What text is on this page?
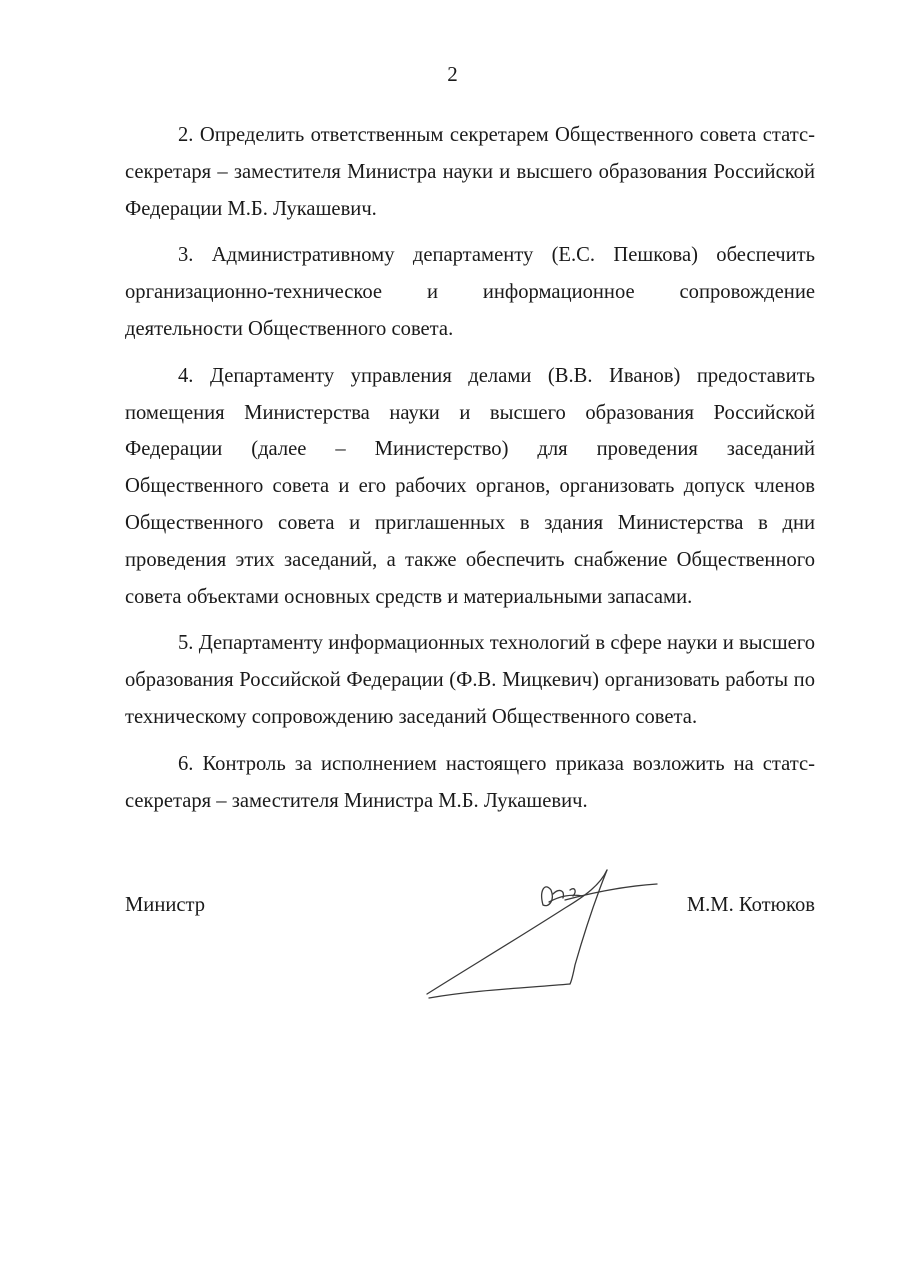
2

2. Определить ответственным секретарем Общественного совета статс-секретаря – заместителя Министра науки и высшего образования Российской Федерации М.Б. Лукашевич.

3. Административному департаменту (Е.С. Пешкова) обеспечить организационно-техническое и информационное сопровождение деятельности Общественного совета.

4. Департаменту управления делами (В.В. Иванов) предоставить помещения Министерства науки и высшего образования Российской Федерации (далее – Министерство) для проведения заседаний Общественного совета и его рабочих органов, организовать допуск членов Общественного совета и приглашенных в здания Министерства в дни проведения этих заседаний, а также обеспечить снабжение Общественного совета объектами основных средств и материальными запасами.

5. Департаменту информационных технологий в сфере науки и высшего образования Российской Федерации (Ф.В. Мицкевич) организовать работы по техническому сопровождению заседаний Общественного совета.

6. Контроль за исполнением настоящего приказа возложить на статс-секретаря – заместителя Министра М.Б. Лукашевич.

Министр	М.М. Котюков
